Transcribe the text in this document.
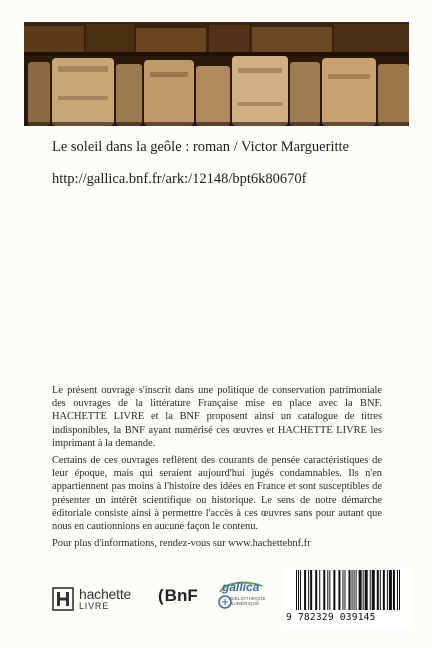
Le soleil dans la geôle : roman / Victor Margueritte
http://gallica.bnf.fr/ark:/12148/bpt6k80670f

Le présent ouvrage s'inscrit dans une politique de conservation patrimoniale des ouvrages de la littérature Française mise en place avec la BNF. HACHETTE LIVRE et la BNF proposent ainsi un catalogue de titres indisponibles, la BNF ayant numérisé ces œuvres et HACHETTE LIVRE les imprimant à la demande.

Certains de ces ouvrages reflètent des courants de pensée caractéristiques de leur époque, mais qui seraient aujourd'hui jugés condamnables. Ils n'en appartiennent pas moins à l'histoire des idées en France et sont susceptibles de présenter un intérêt scientifique ou historique. Le sens de notre démarche éditoriale consiste ainsi à permettre l'accès à ces œuvres sans pour autant que nous en cautionnions en aucune façon le contenu.

Pour plus d'informations, rendez-vous sur www.hachettebnf.fr

hachette
LIVRE
(BnF	gallica
BIBLIOTHÈQUE
NUMÉRIQUE
9 782329 039145
